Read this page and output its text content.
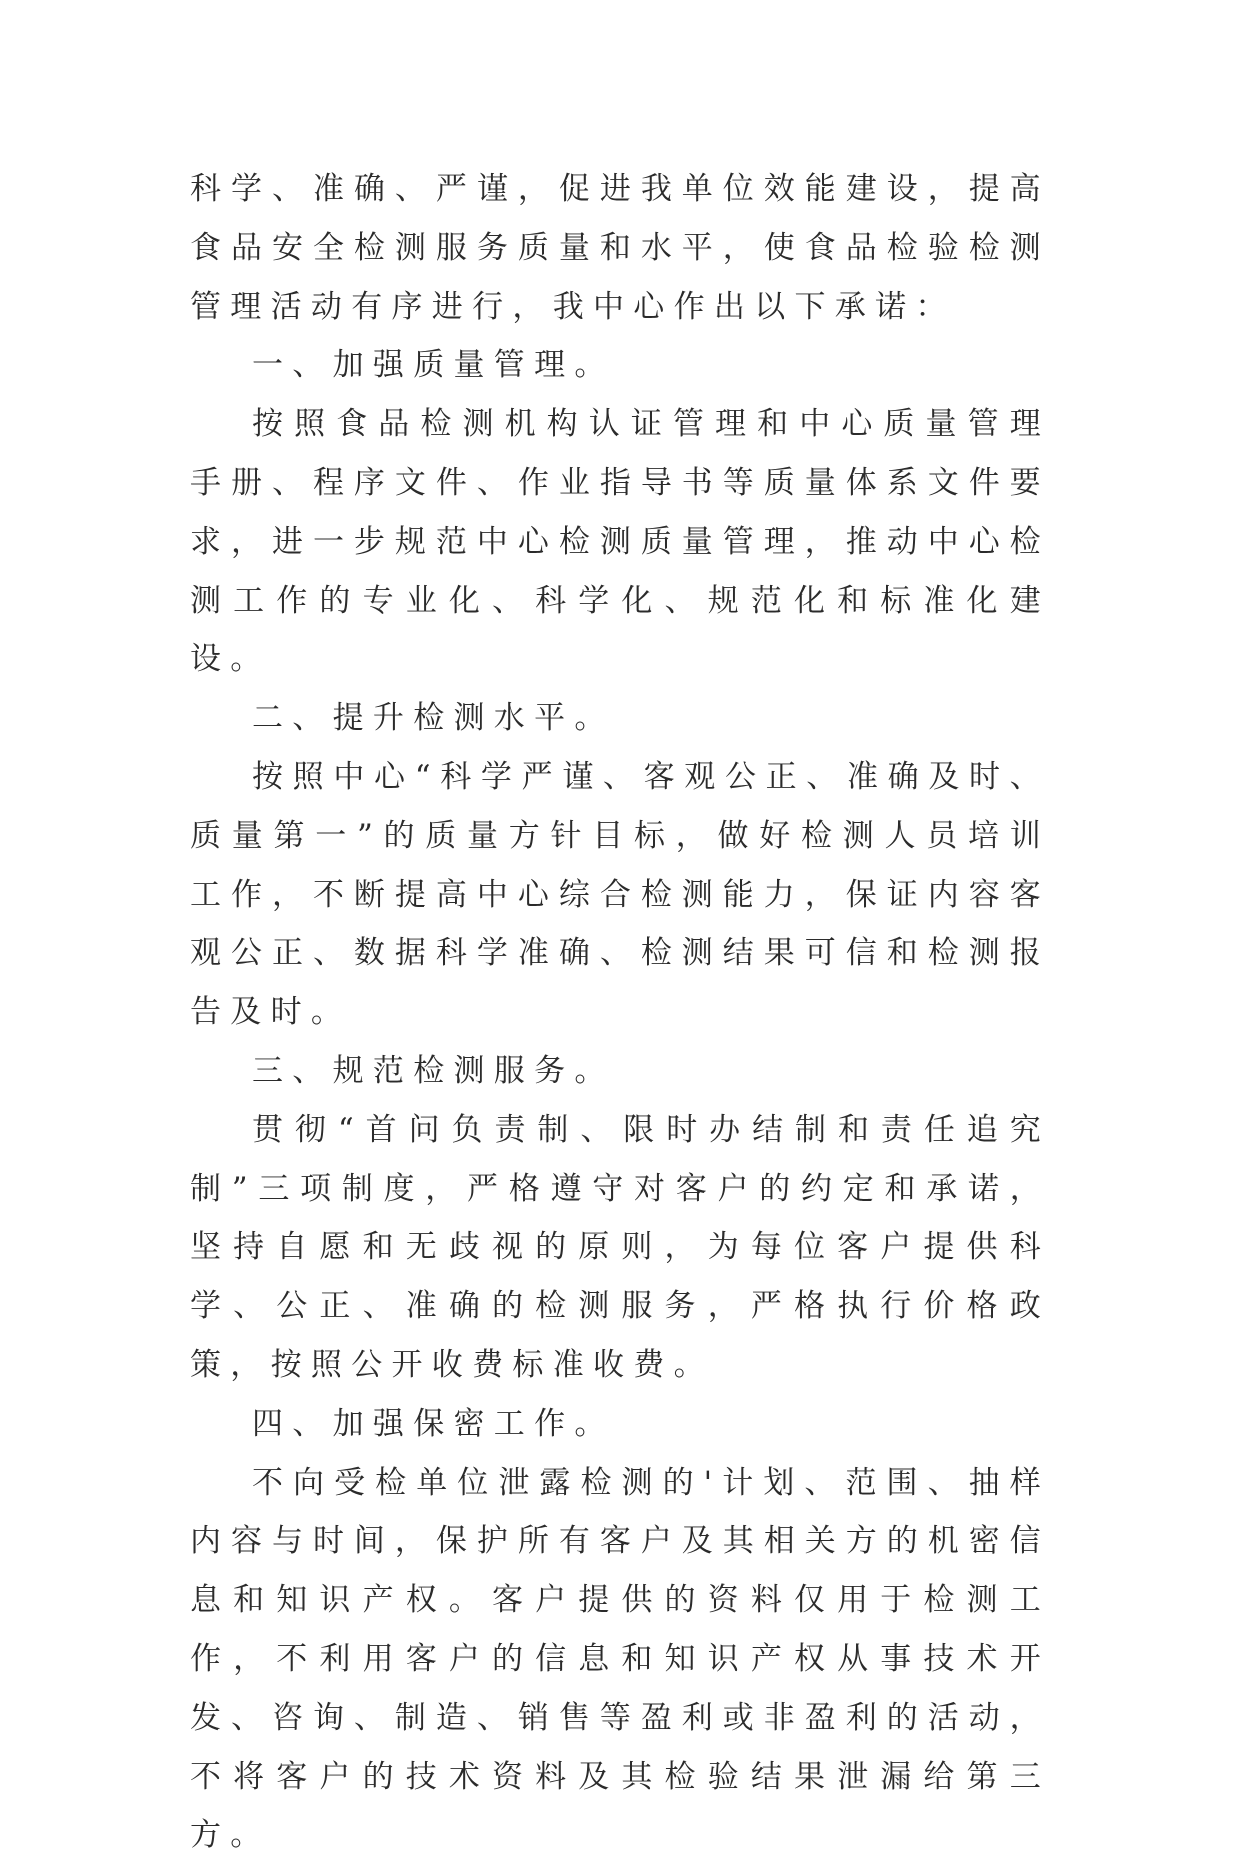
科学、准确、严谨，促进我单位效能建设，提高食品安全检测服务质量和水平，使食品检验检测管理活动有序进行，我中心作出以下承诺：

一、加强质量管理。

按照食品检测机构认证管理和中心质量管理手册、程序文件、作业指导书等质量体系文件要求，进一步规范中心检测质量管理，推动中心检测工作的专业化、科学化、规范化和标准化建设。

二、提升检测水平。

按照中心“科学严谨、客观公正、准确及时、质量第一”的质量方针目标，做好检测人员培训工作，不断提高中心综合检测能力，保证内容客观公正、数据科学准确、检测结果可信和检测报告及时。

三、规范检测服务。

贯彻“首问负责制、限时办结制和责任追究制”三项制度，严格遵守对客户的约定和承诺，坚持自愿和无歧视的原则，为每位客户提供科学、公正、准确的检测服务，严格执行价格政策，按照公开收费标准收费。

四、加强保密工作。

不向受检单位泄露检测的'计划、范围、抽样内容与时间，保护所有客户及其相关方的机密信息和知识产权。客户提供的资料仅用于检测工作，不利用客户的信息和知识产权从事技术开发、咨询、制造、销售等盈利或非盈利的活动，不将客户的技术资料及其检验结果泄漏给第三方。
